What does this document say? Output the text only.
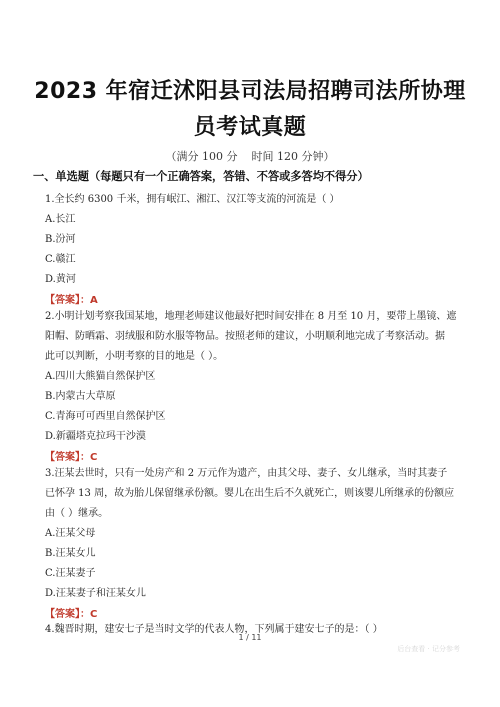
2023 年宿迁沭阳县司法局招聘司法所协理
员考试真题
（满分 100 分    时间 120 分钟）
一、单选题（每题只有一个正确答案，答错、不答或多答均不得分）
1.全长约 6300 千米，拥有岷江、湘江、汉江等支流的河流是（ ）
A.长江
B.汾河
C.赣江
D.黄河
【答案】：A
2.小明计划考察我国某地，地理老师建议他最好把时间安排在 8 月至 10 月，要带上墨镜、遮
阳帽、防晒霜、羽绒服和防水服等物品。按照老师的建议，小明顺利地完成了考察活动。据
此可以判断，小明考察的目的地是（ ）。
A.四川大熊猫自然保护区
B.内蒙古大草原
C.青海可可西里自然保护区
D.新疆塔克拉玛干沙漠
【答案】：C
3.汪某去世时，只有一处房产和 2 万元作为遗产，由其父母、妻子、女儿继承，当时其妻子
已怀孕 13 周，故为胎儿保留继承份额。婴儿在出生后不久就死亡，则该婴儿所继承的份额应
由（ ）继承。
A.汪某父母
B.汪某女儿
C.汪某妻子
D.汪某妻子和汪某女儿
【答案】：C
4.魏晋时期，建安七子是当时文学的代表人物，下列属于建安七子的是：（ ）
1 / 11
后台查看 · 记分参考
